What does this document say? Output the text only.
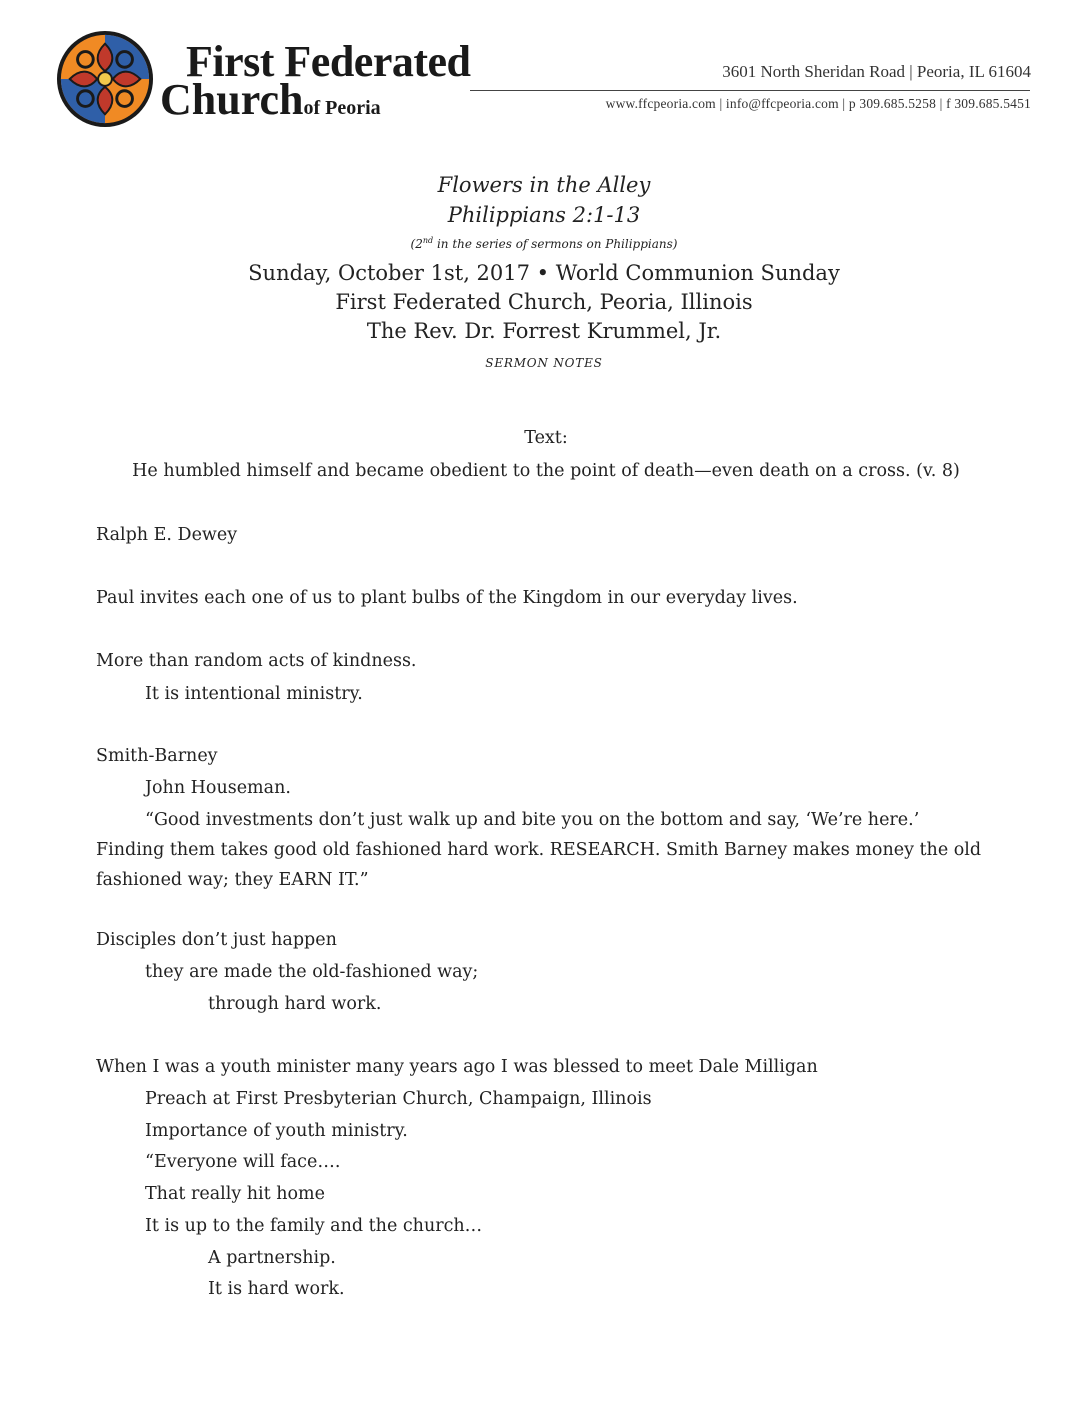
First Federated
Churchof Peoria
3601 North Sheridan Road | Peoria, IL 61604
www.ffcpeoria.com | info@ffcpeoria.com | p 309.685.5258 | f 309.685.5451
Flowers in the Alley
Philippians 2:1-13
(2nd in the series of sermons on Philippians)
Sunday, October 1st, 2017 • World Communion Sunday
First Federated Church, Peoria, Illinois
The Rev. Dr. Forrest Krummel, Jr.
SERMON NOTES
Text:
He humbled himself and became obedient to the point of death—even death on a cross. (v. 8)
Ralph E. Dewey
Paul invites each one of us to plant bulbs of the Kingdom in our everyday lives.
More than random acts of kindness.
It is intentional ministry.
Smith-Barney
John Houseman.
“Good investments don’t just walk up and bite you on the bottom and say, ‘We’re here.’
Finding them takes good old fashioned hard work. RESEARCH. Smith Barney makes money the old
fashioned way; they EARN IT.”
Disciples don’t just happen
they are made the old-fashioned way;
through hard work.
When I was a youth minister many years ago I was blessed to meet Dale Milligan
Preach at First Presbyterian Church, Champaign, Illinois
Importance of youth ministry.
“Everyone will face….
That really hit home
It is up to the family and the church…
A partnership.
It is hard work.
